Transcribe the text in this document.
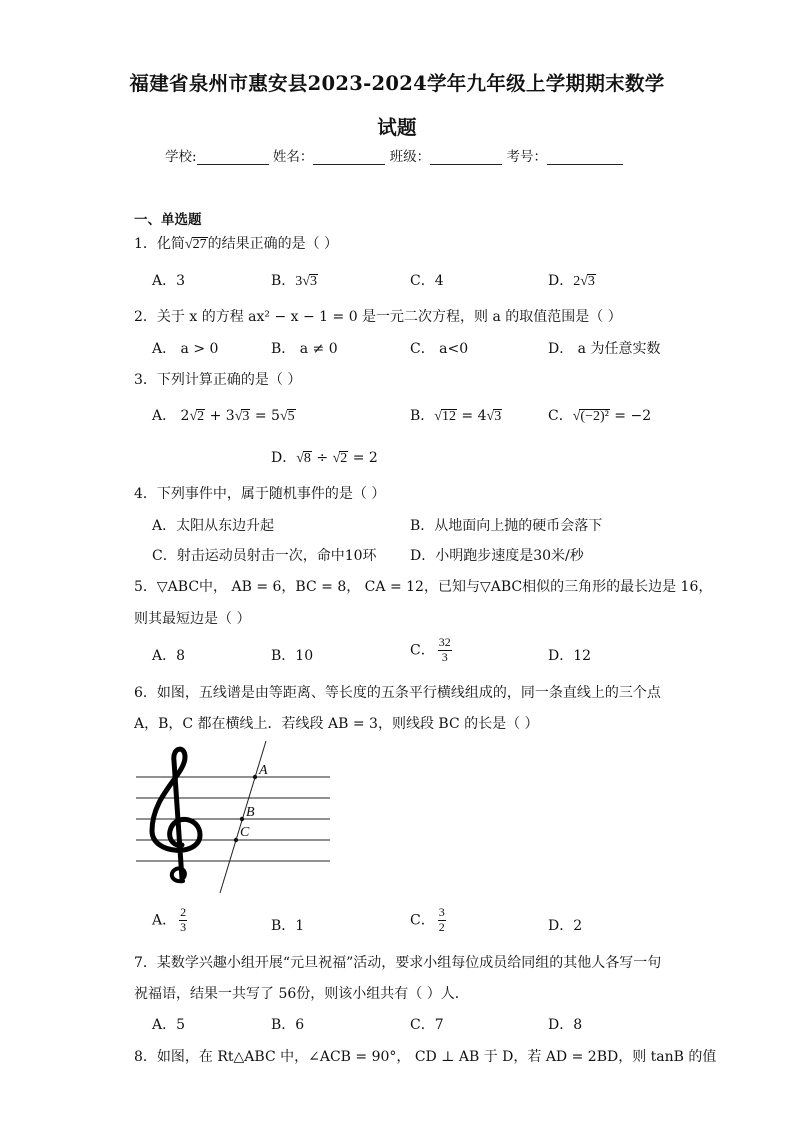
福建省泉州市惠安县2023-2024学年九年级上学期期末数学
试题
学校:	姓名：	班级：	考号：
一、单选题
1．化简√27的结果正确的是（ ）
A．3	B．3√3	C．4	D．2√3
2．关于 x 的方程 ax² − x − 1 = 0 是一元二次方程，则 a 的取值范围是（ ）
A． a > 0	B． a ≠ 0	C． a<0	D． a 为任意实数
3．下列计算正确的是（ ）
A． 2√2 + 3√3 = 5√5	B．√12 = 4√3	C．√(−2)² = −2
D．√8 ÷ √2 = 2
4．下列事件中，属于随机事件的是（ ）
A．太阳从东边升起	B．从地面向上抛的硬币会落下
C．射击运动员射击一次，命中10环 D．小明跑步速度是30米/秒
5．▽ABC中， AB = 6，BC = 8， CA = 12，已知与▽ABC相似的三角形的最长边是 16，
则其最短边是（ ）
A．8	B．10	C． $\frac{32}{3}$	D．12
6．如图，五线谱是由等距离、等长度的五条平行横线组成的，同一条直线上的三个点
A，B，C 都在横线上．若线段 AB = 3，则线段 BC 的长是（ ）
A
B
C
A． $\frac{2}{3}$	B．1	C． $\frac{3}{2}$	D．2
7．某数学兴趣小组开展“元旦祝福”活动，要求小组每位成员给同组的其他人各写一句
祝福语，结果一共写了 56份，则该小组共有（ ）人．
A．5	B．6	C．7	D．8
8．如图，在 Rt△ABC 中，∠ACB = 90°， CD ⊥ AB 于 D，若 AD = 2BD，则 tanB 的值
